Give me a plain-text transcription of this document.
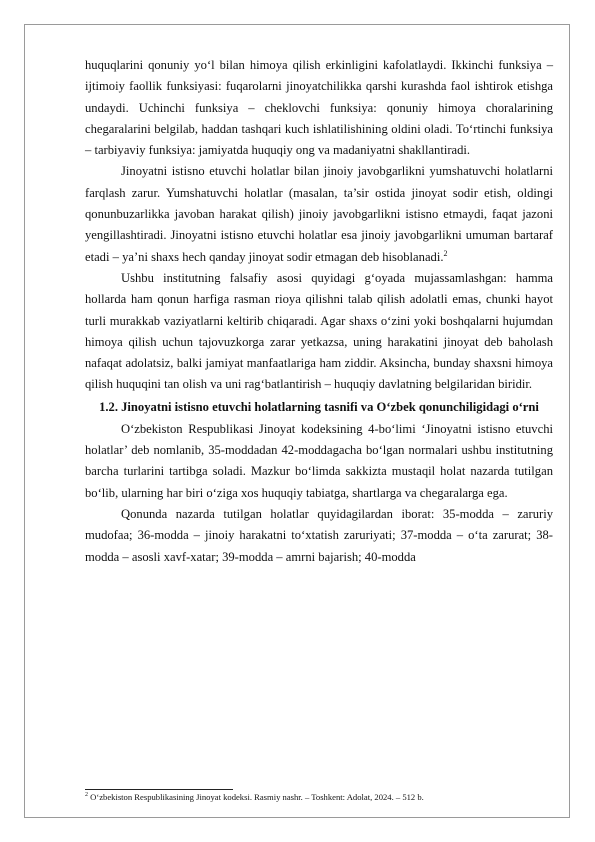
huquqlarini qonuniy yo‘l bilan himoya qilish erkinligini kafolatlaydi. Ikkinchi funksiya – ijtimoiy faollik funksiyasi: fuqarolarni jinoyatchilikka qarshi kurashda faol ishtirok etishga undaydi. Uchinchi funksiya – cheklovchi funksiya: qonuniy himoya choralarining chegaralarini belgilab, haddan tashqari kuch ishlatilishining oldini oladi. To‘rtinchi funksiya – tarbiyaviy funksiya: jamiyatda huquqiy ong va madaniyatni shakllantiradi.

Jinoyatni istisno etuvchi holatlar bilan jinoiy javobgarlikni yumshatuvchi holatlarni farqlash zarur. Yumshatuvchi holatlar (masalan, ta’sir ostida jinoyat sodir etish, oldingi qonunbuzarlikka javoban harakat qilish) jinoiy javobgarlikni istisno etmaydi, faqat jazoni yengillashtiradi. Jinoyatni istisno etuvchi holatlar esa jinoiy javobgarlikni umuman bartaraf etadi – ya’ni shaxs hech qanday jinoyat sodir etmagan deb hisoblanadi.$^2$

Ushbu institutning falsafiy asosi quyidagi g‘oyada mujassamlashgan: hamma hollarda ham qonun harfiga rasman rioya qilishni talab qilish adolatli emas, chunki hayot turli murakkab vaziyatlarni keltirib chiqaradi. Agar shaxs o‘zini yoki boshqalarni hujumdan himoya qilish uchun tajovuzkorga zarar yetkazsa, uning harakatini jinoyat deb baholash nafaqat adolatsiz, balki jamiyat manfaatlariga ham ziddir. Aksincha, bunday shaxsni himoya qilish huquqini tan olish va uni rag‘batlantirish – huquqiy davlatning belgilaridan biridir.

1.2. Jinoyatni istisno etuvchi holatlarning tasnifi va O‘zbek qonunchiligidagi o‘rni

O‘zbekiston Respublikasi Jinoyat kodeksining 4-bo‘limi ‘Jinoyatni istisno etuvchi holatlar’ deb nomlanib, 35-moddadan 42-moddagacha bo‘lgan normalari ushbu institutning barcha turlarini tartibga soladi. Mazkur bo‘limda sakkizta mustaqil holat nazarda tutilgan bo‘lib, ularning har biri o‘ziga xos huquqiy tabiatga, shartlarga va chegaralarga ega.

Qonunda nazarda tutilgan holatlar quyidagilardan iborat: 35-modda – zaruriy mudofaa; 36-modda – jinoiy harakatni to‘xtatish zaruriyati; 37-modda – o‘ta zarurat; 38-modda – asosli xavf-xatar; 39-modda – amrni bajarish; 40-modda

$^2$ O‘zbekiston Respublikasining Jinoyat kodeksi. Rasmiy nashr. – Toshkent: Adolat, 2024. – 512 b.
